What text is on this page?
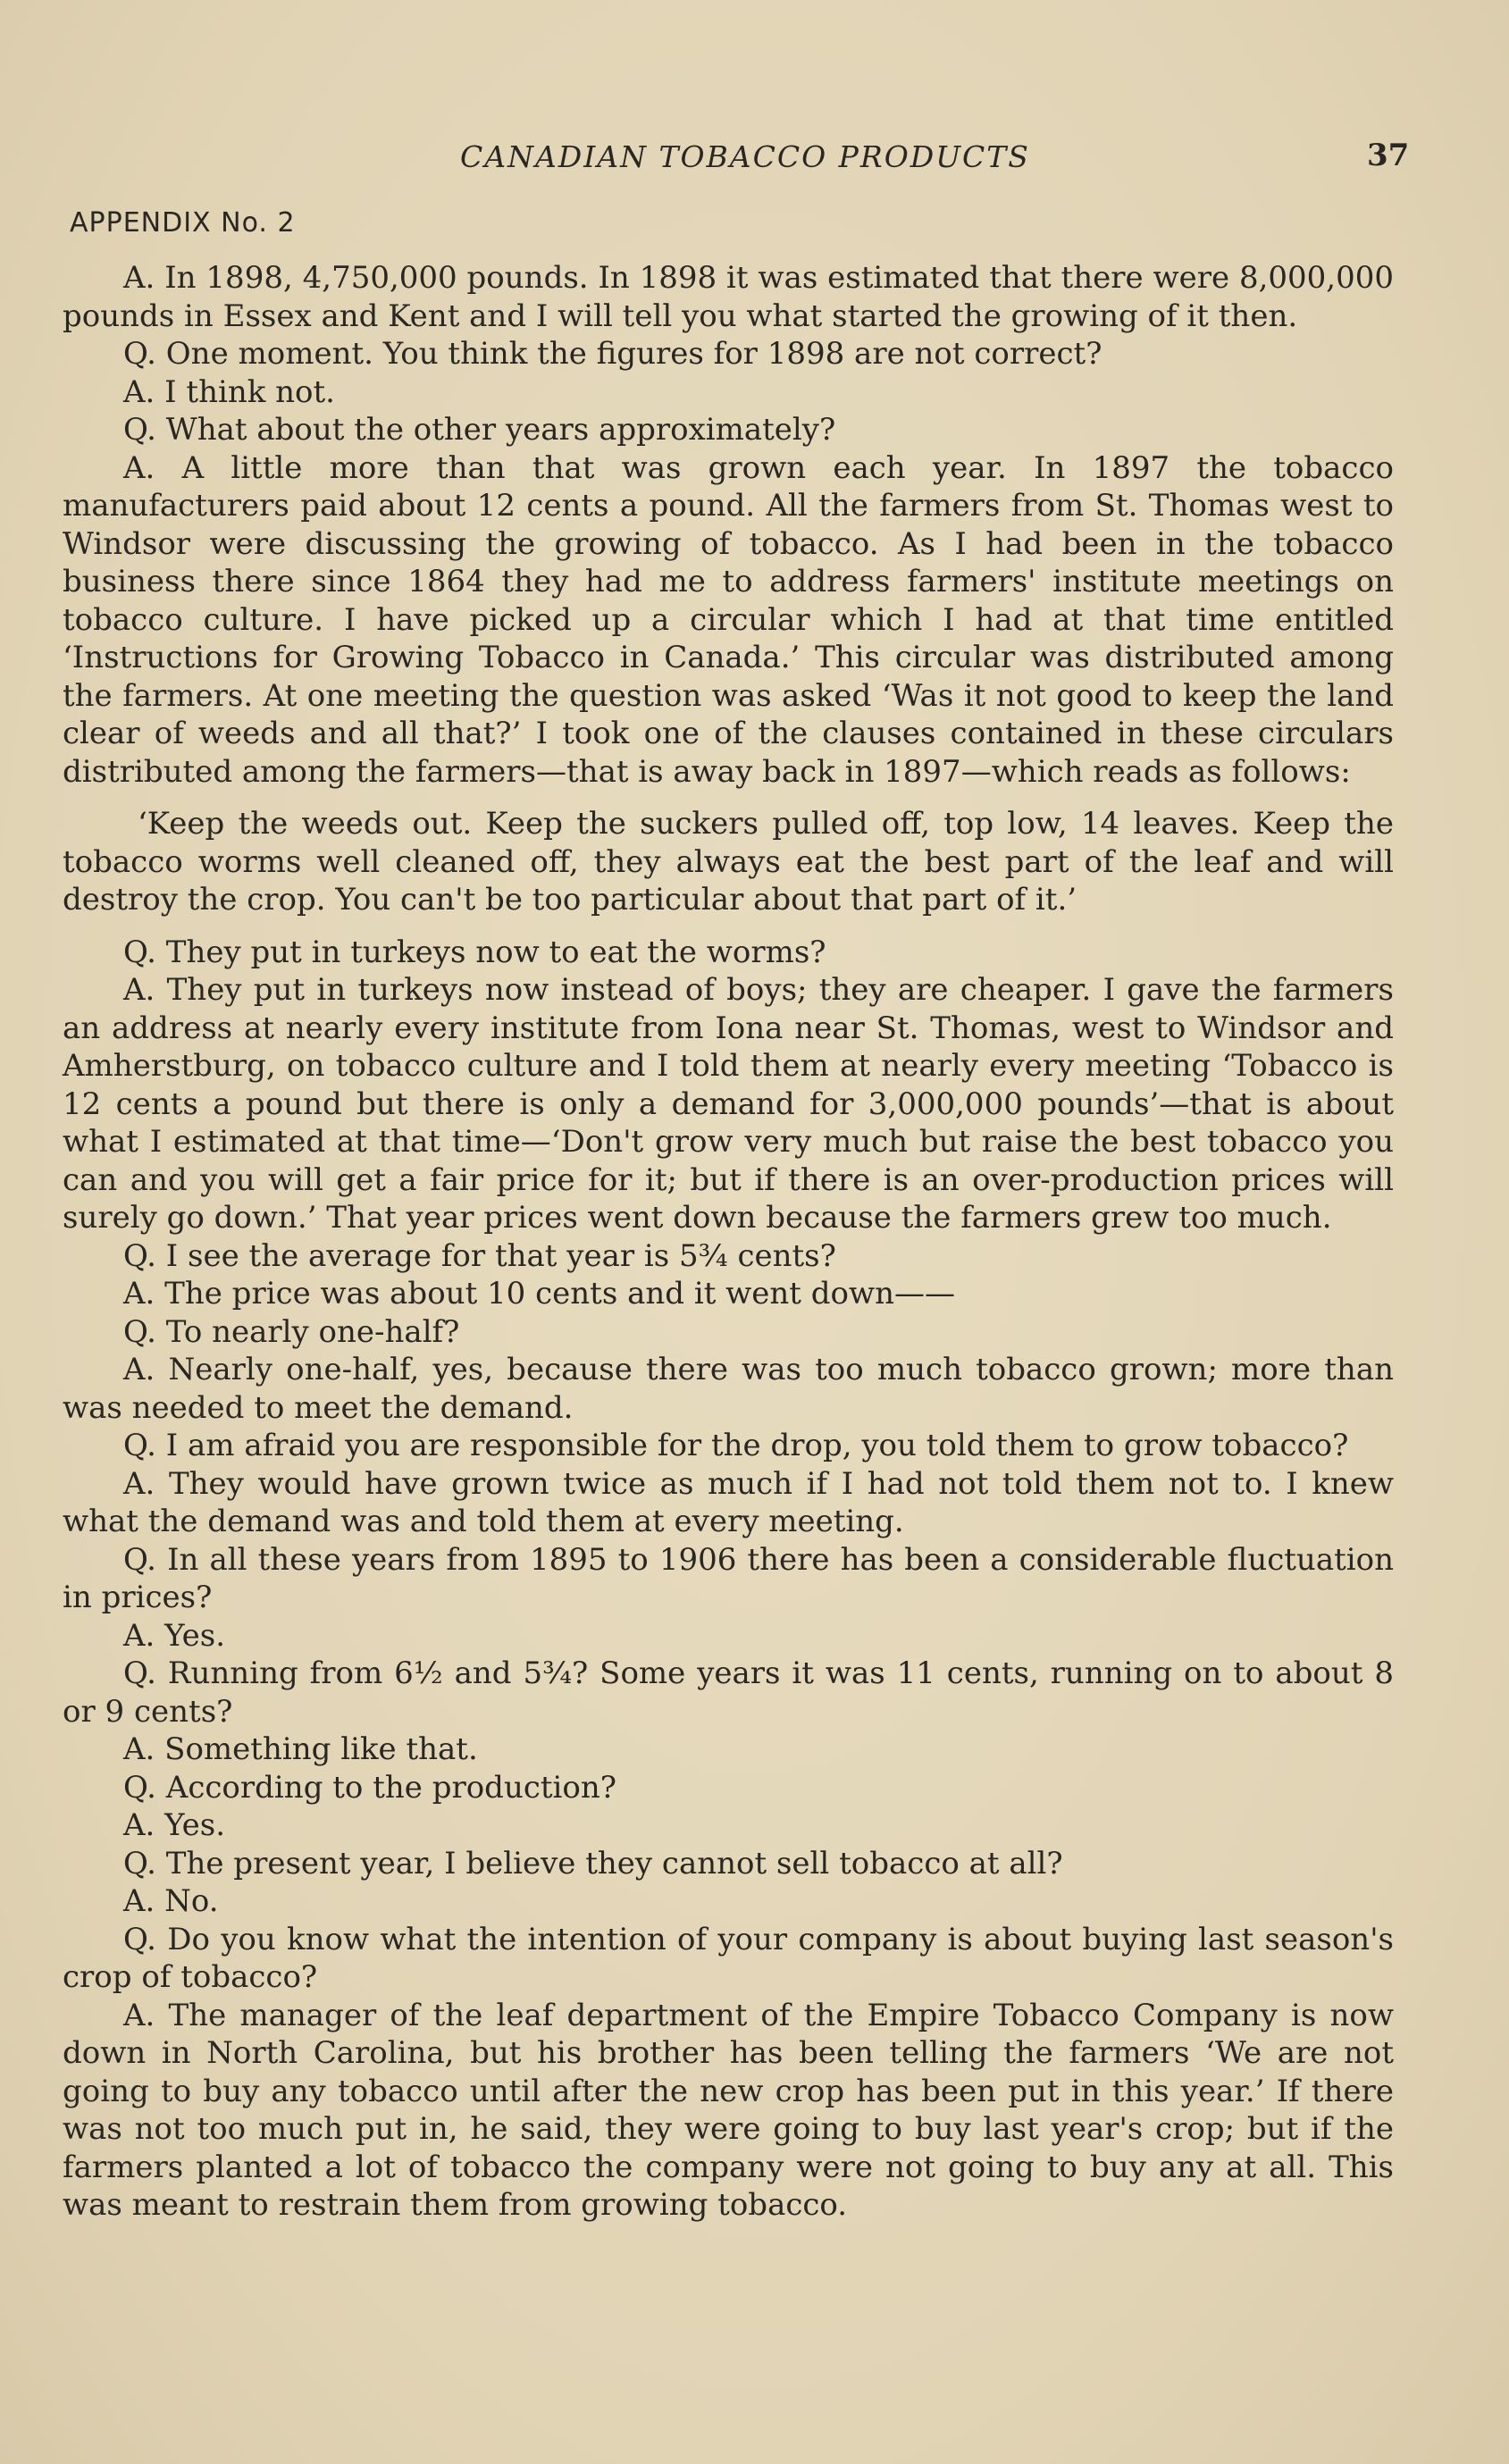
CANADIAN TOBACCO PRODUCTS	37
APPENDIX No. 2

A. In 1898, 4,750,000 pounds. In 1898 it was estimated that there were 8,000,000 pounds in Essex and Kent and I will tell you what started the growing of it then.

Q. One moment. You think the figures for 1898 are not correct?

A. I think not.

Q. What about the other years approximately?

A. A little more than that was grown each year. In 1897 the tobacco manufacturers paid about 12 cents a pound. All the farmers from St. Thomas west to Windsor were discussing the growing of tobacco. As I had been in the tobacco business there since 1864 they had me to address farmers' institute meetings on tobacco culture. I have picked up a circular which I had at that time entitled ‘Instructions for Growing Tobacco in Canada.’ This circular was distributed among the farmers. At one meeting the question was asked ‘Was it not good to keep the land clear of weeds and all that?’ I took one of the clauses contained in these circulars distributed among the farmers—that is away back in 1897—which reads as follows:

‘Keep the weeds out. Keep the suckers pulled off, top low, 14 leaves. Keep the tobacco worms well cleaned off, they always eat the best part of the leaf and will destroy the crop. You can't be too particular about that part of it.’

Q. They put in turkeys now to eat the worms?

A. They put in turkeys now instead of boys; they are cheaper. I gave the farmers an address at nearly every institute from Iona near St. Thomas, west to Windsor and Amherstburg, on tobacco culture and I told them at nearly every meeting ‘Tobacco is 12 cents a pound but there is only a demand for 3,000,000 pounds’—that is about what I estimated at that time—‘Don't grow very much but raise the best tobacco you can and you will get a fair price for it; but if there is an over-production prices will surely go down.’ That year prices went down because the farmers grew too much.

Q. I see the average for that year is 5¾ cents?

A. The price was about 10 cents and it went down——

Q. To nearly one-half?

A. Nearly one-half, yes, because there was too much tobacco grown; more than was needed to meet the demand.

Q. I am afraid you are responsible for the drop, you told them to grow tobacco?

A. They would have grown twice as much if I had not told them not to. I knew what the demand was and told them at every meeting.

Q. In all these years from 1895 to 1906 there has been a considerable fluctuation in prices?

A. Yes.

Q. Running from 6½ and 5¾? Some years it was 11 cents, running on to about 8 or 9 cents?

A. Something like that.

Q. According to the production?

A. Yes.

Q. The present year, I believe they cannot sell tobacco at all?

A. No.

Q. Do you know what the intention of your company is about buying last season's crop of tobacco?

A. The manager of the leaf department of the Empire Tobacco Company is now down in North Carolina, but his brother has been telling the farmers ‘We are not going to buy any tobacco until after the new crop has been put in this year.’ If there was not too much put in, he said, they were going to buy last year's crop; but if the farmers planted a lot of tobacco the company were not going to buy any at all. This was meant to restrain them from growing tobacco.
